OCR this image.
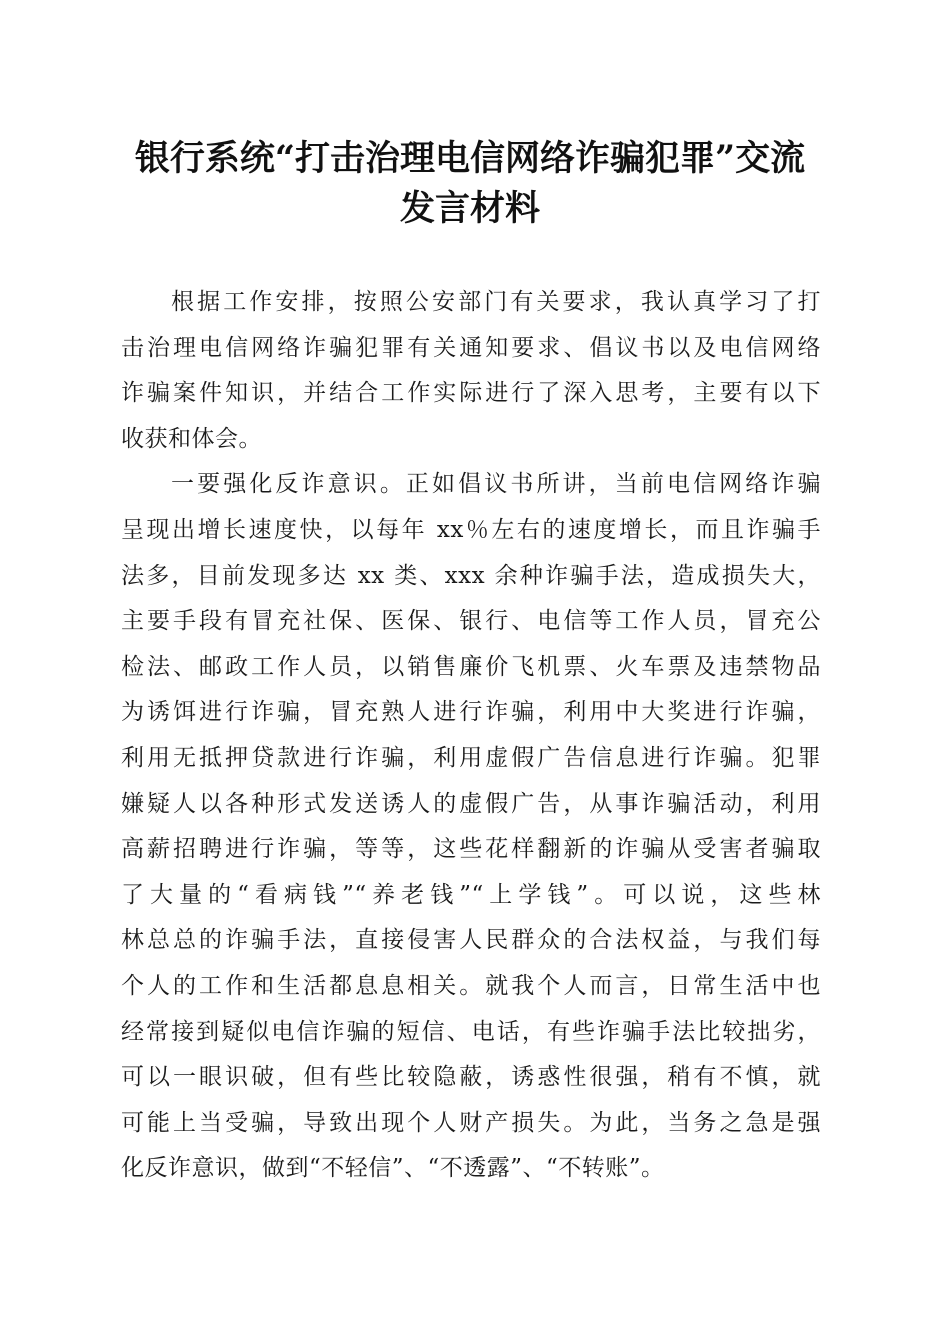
银行系统“打击治理电信网络诈骗犯罪”交流
发言材料
根据工作安排，按照公安部门有关要求，我认真学习了打
击治理电信网络诈骗犯罪有关通知要求、倡议书以及电信网络
诈骗案件知识，并结合工作实际进行了深入思考，主要有以下
收获和体会。
一要强化反诈意识。正如倡议书所讲，当前电信网络诈骗
呈现出增长速度快，以每年 xx％左右的速度增长，而且诈骗手
法多，目前发现多达 xx 类、xxx 余种诈骗手法，造成损失大，
主要手段有冒充社保、医保、银行、电信等工作人员，冒充公
检法、邮政工作人员，以销售廉价飞机票、火车票及违禁物品
为诱饵进行诈骗，冒充熟人进行诈骗，利用中大奖进行诈骗，
利用无抵押贷款进行诈骗，利用虚假广告信息进行诈骗。犯罪
嫌疑人以各种形式发送诱人的虚假广告，从事诈骗活动，利用
高薪招聘进行诈骗，等等，这些花样翻新的诈骗从受害者骗取
了大量的“看病钱”“养老钱”“上学钱”。可以说，这些林
林总总的诈骗手法，直接侵害人民群众的合法权益，与我们每
个人的工作和生活都息息相关。就我个人而言，日常生活中也
经常接到疑似电信诈骗的短信、电话，有些诈骗手法比较拙劣，
可以一眼识破，但有些比较隐蔽，诱惑性很强，稍有不慎，就
可能上当受骗，导致出现个人财产损失。为此，当务之急是强
化反诈意识，做到“不轻信”、“不透露”、“不转账”。
